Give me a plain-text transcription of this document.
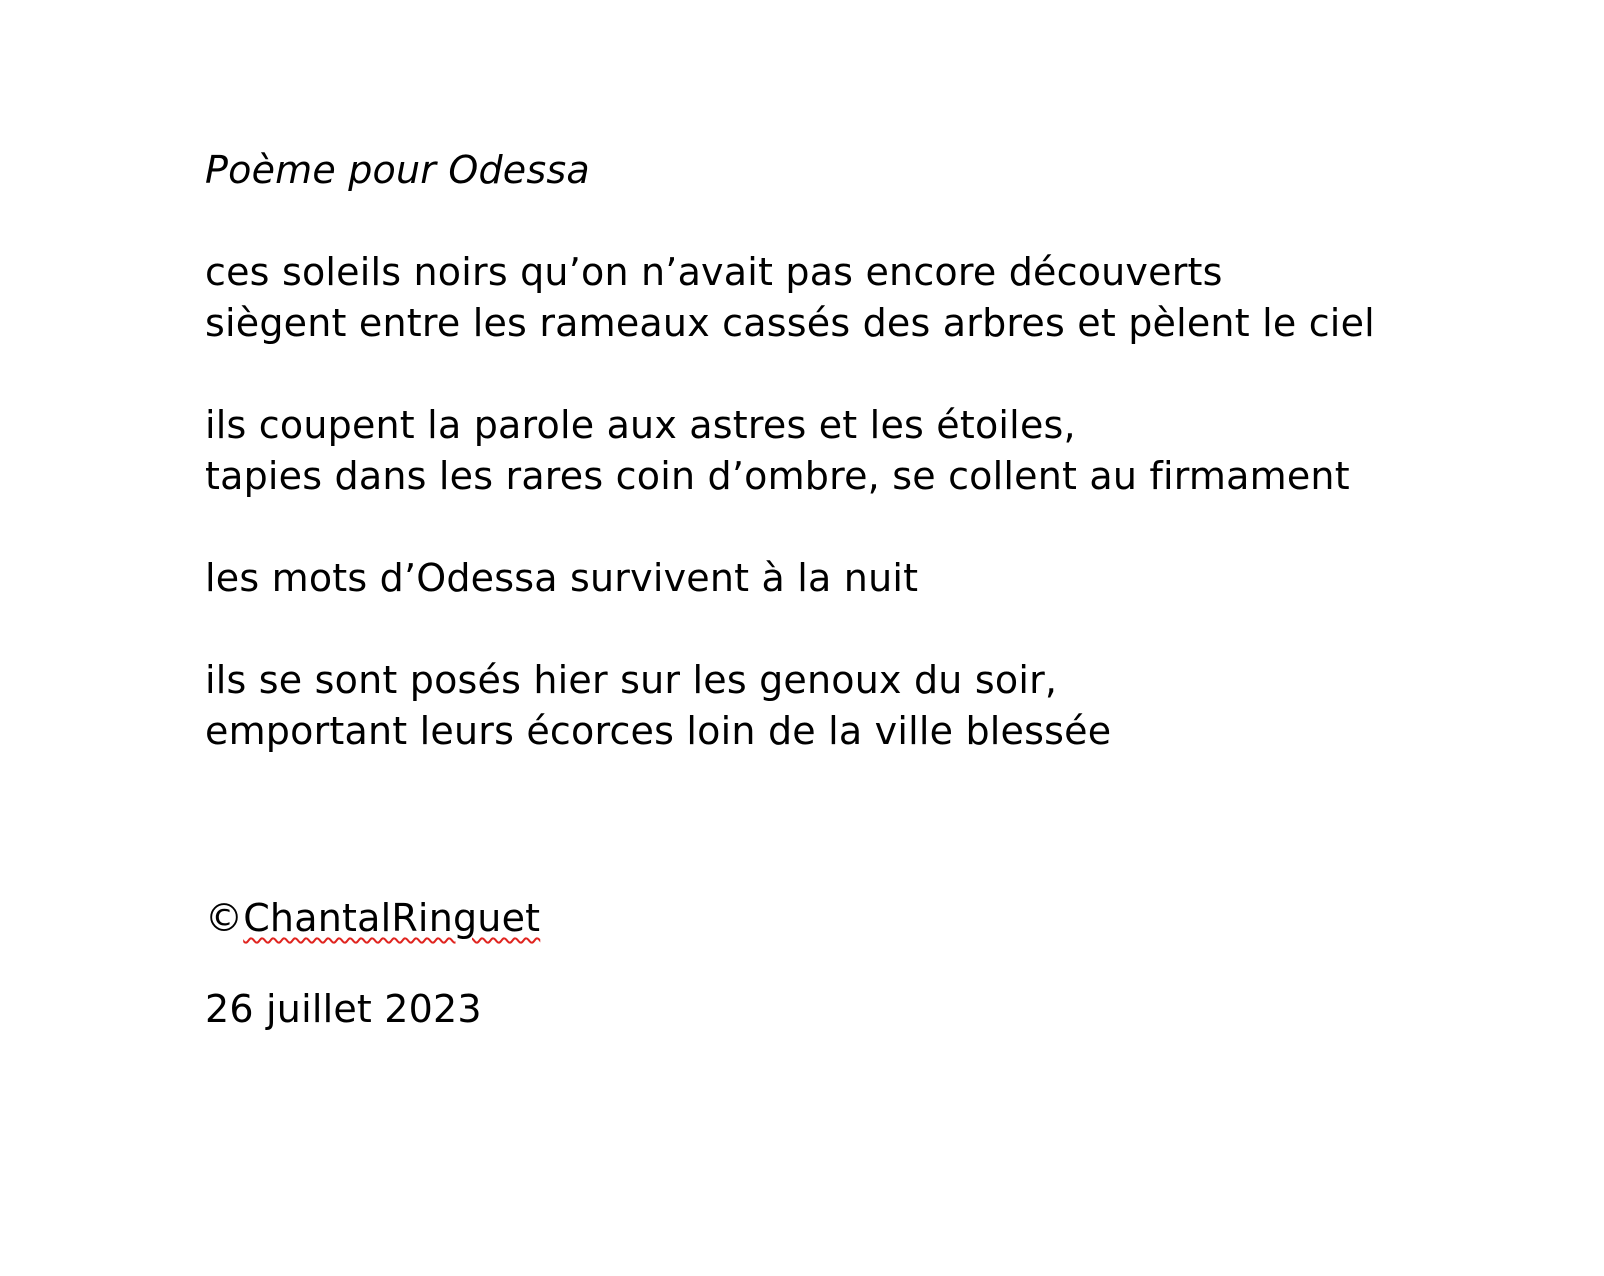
Poème pour Odessa
ces soleils noirs qu’on n’avait pas encore découverts
siègent entre les rameaux cassés des arbres et pèlent le ciel
ils coupent la parole aux astres et les étoiles,
tapies dans les rares coin d’ombre, se collent au firmament
les mots d’Odessa survivent à la nuit
ils se sont posés hier sur les genoux du soir,
emportant leurs écorces loin de la ville blessée
©ChantalRinguet
26 juillet 2023
